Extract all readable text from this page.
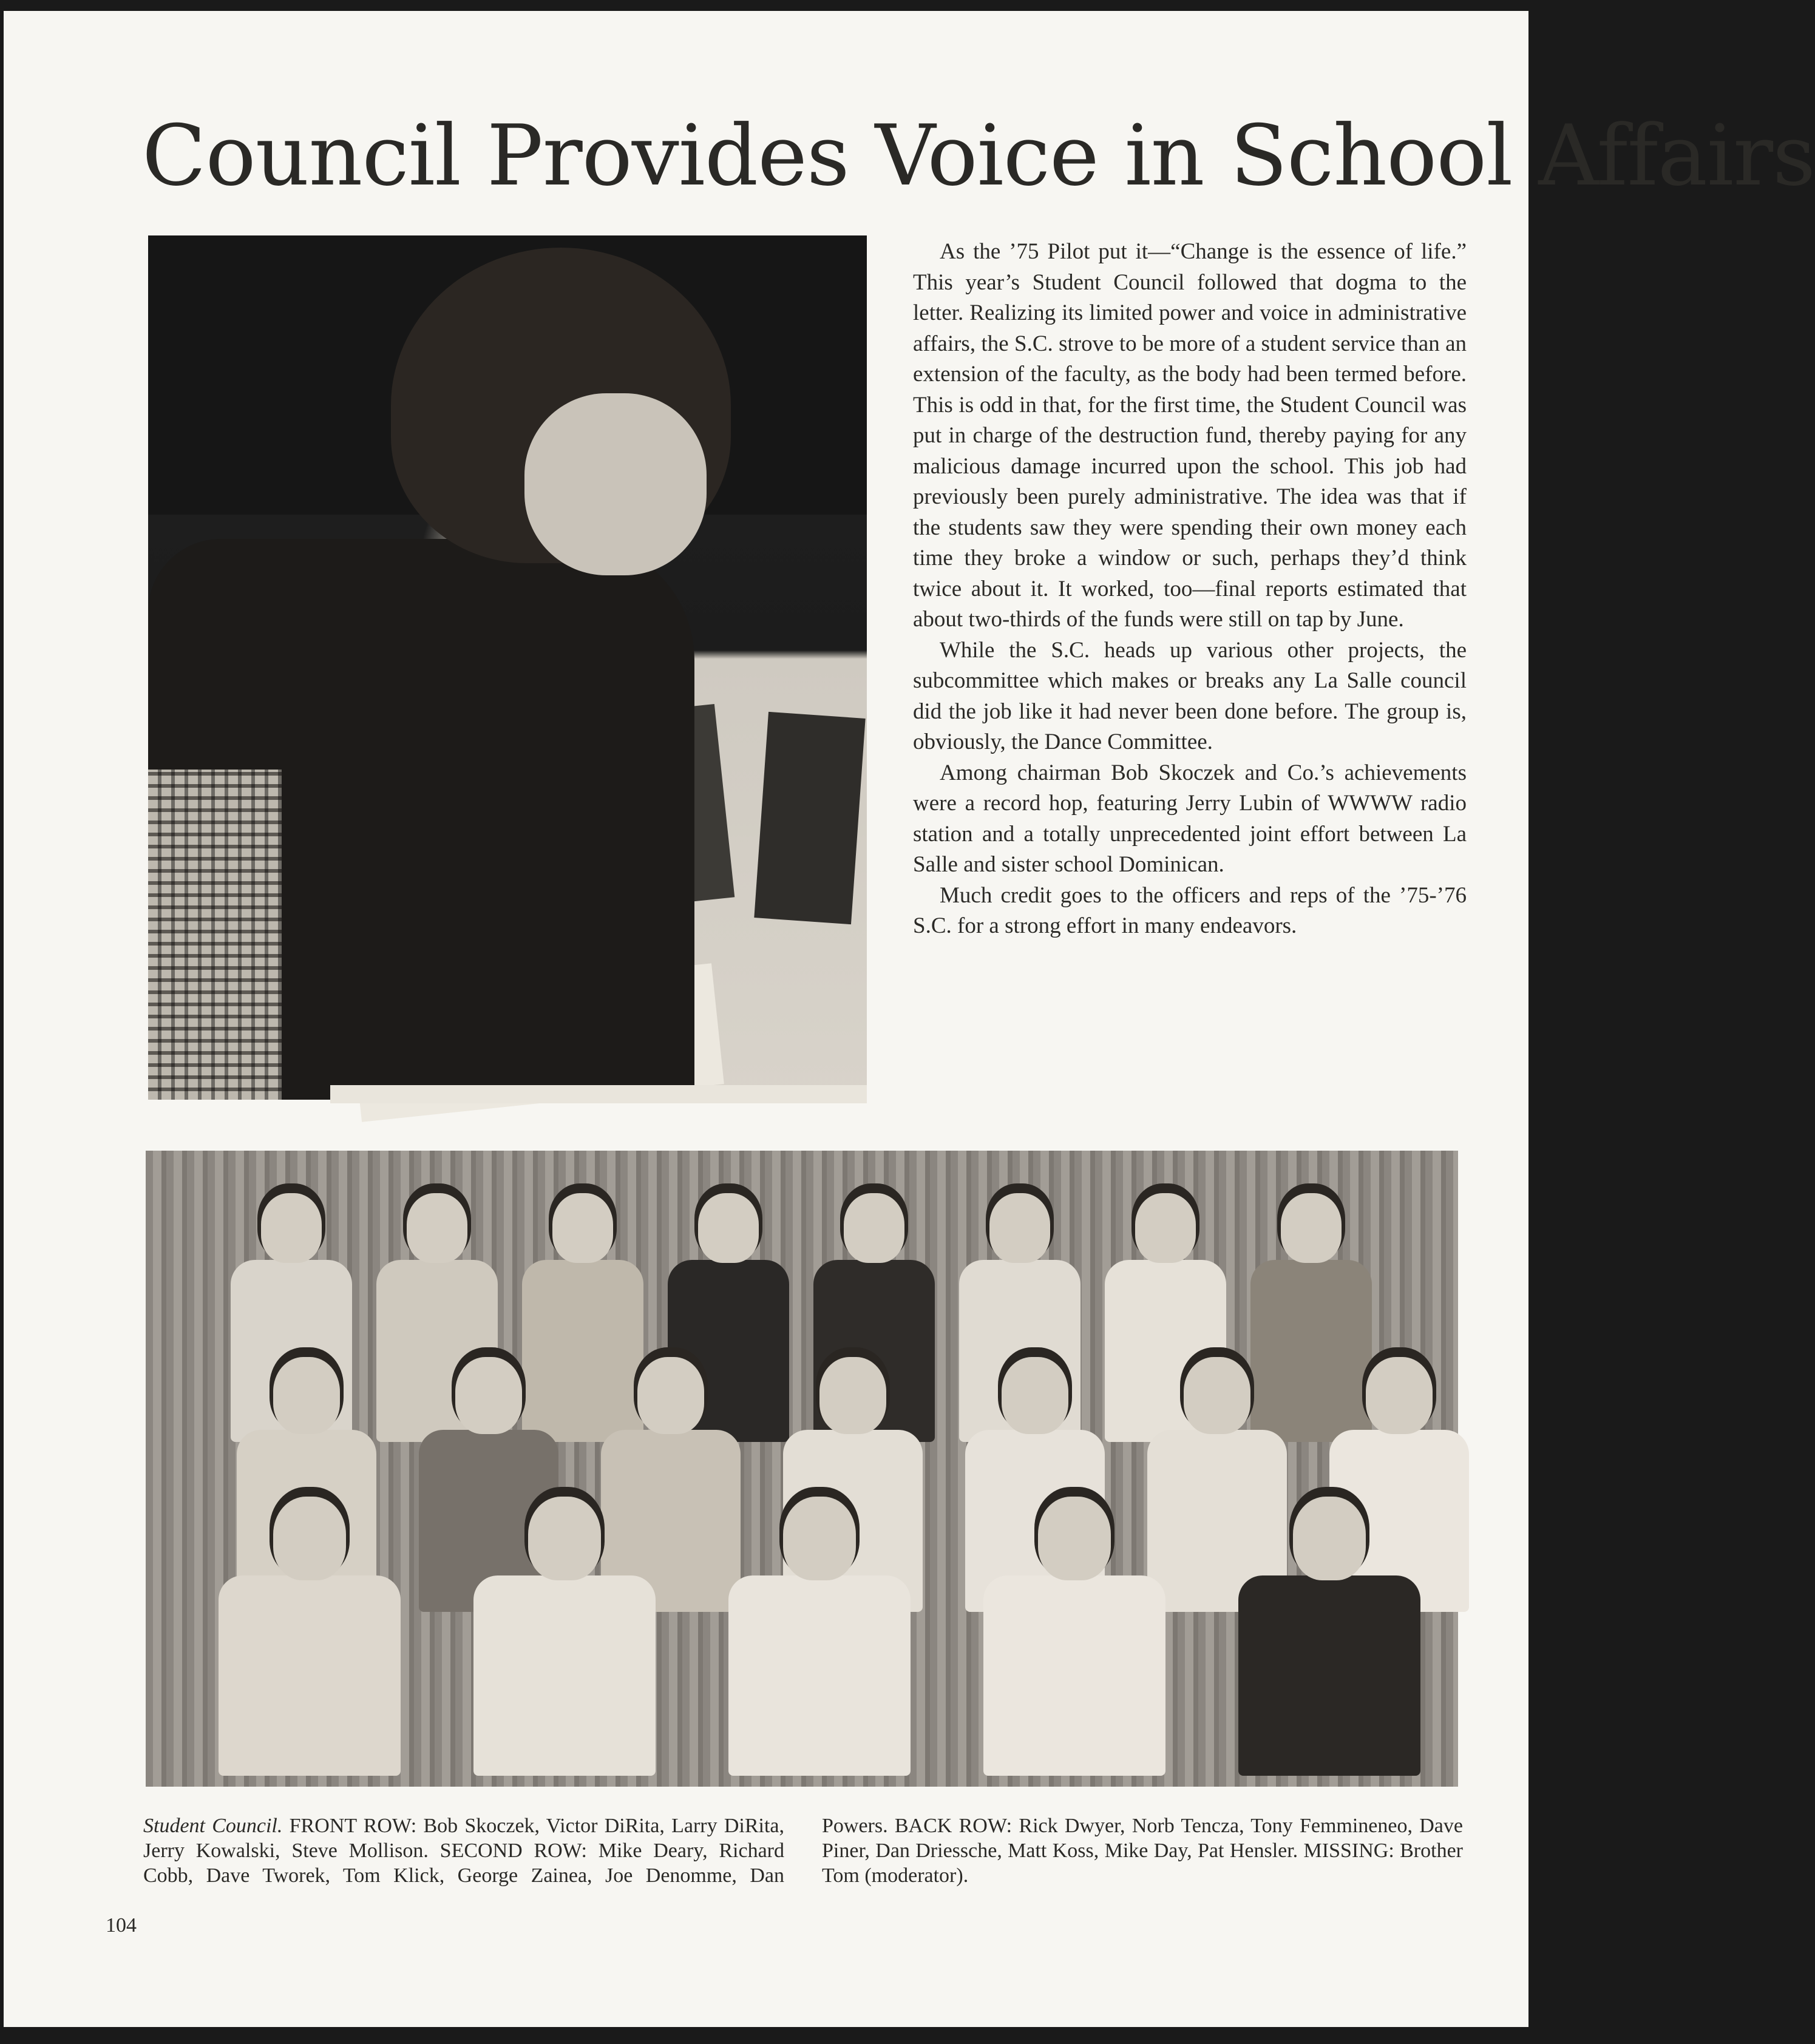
Council Provides Voice in School Affairs

As the ’75 Pilot put it—“Change is the essence of life.” This year’s Student Council followed that dogma to the letter. Realizing its limited power and voice in administrative affairs, the S.C. strove to be more of a student service than an extension of the faculty, as the body had been termed before. This is odd in that, for the first time, the Student Council was put in charge of the destruction fund, thereby paying for any malicious damage incurred upon the school. This job had previously been purely administrative. The idea was that if the students saw they were spending their own money each time they broke a window or such, perhaps they’d think twice about it. It worked, too—final reports estimated that about two-thirds of the funds were still on tap by June.

While the S.C. heads up various other projects, the subcommittee which makes or breaks any La Salle council did the job like it had never been done before. The group is, obviously, the Dance Committee.

Among chairman Bob Skoczek and Co.’s achievements were a record hop, featuring Jerry Lubin of WWWW radio station and a totally unprecedented joint effort between La Salle and sister school Dominican.

Much credit goes to the officers and reps of the ’75-’76 S.C. for a strong effort in many endeavors.

Student Council. FRONT ROW: Bob Skoczek, Victor DiRita, Larry DiRita, Jerry Kowalski, Steve Mollison. SECOND ROW: Mike Deary, Richard Cobb, Dave Tworek, Tom Klick, George Zainea, Joe Denomme, Dan Powers. BACK ROW: Rick Dwyer, Norb Tencza, Tony Femmineneo, Dave Piner, Dan Driessche, Matt Koss, Mike Day, Pat Hensler. MISSING: Brother Tom (moderator).
104
